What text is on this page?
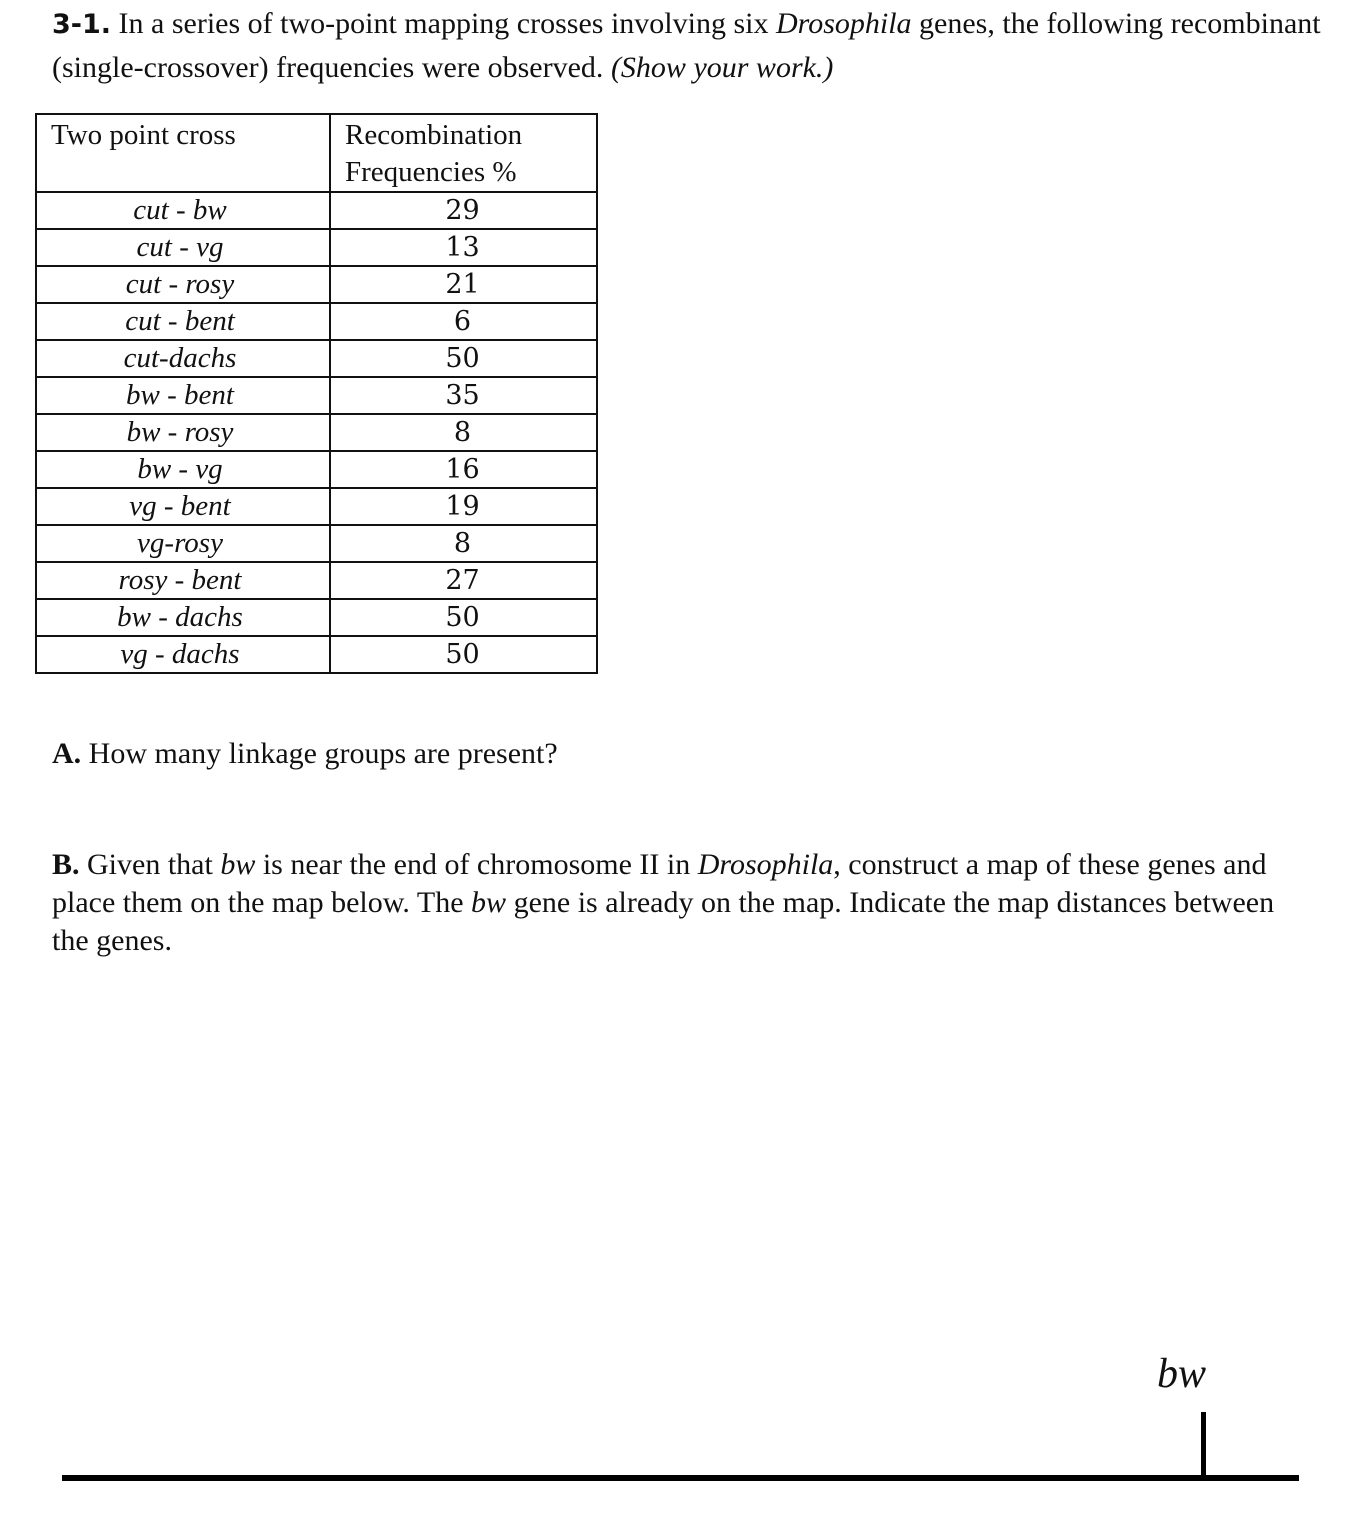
3-1. In a series of two-point mapping crosses involving six Drosophila genes, the following recombinant (single-crossover) frequencies were observed. (Show your work.)
Two point cross	Recombination
Frequencies %
cut - bw	29
cut - vg	13
cut - rosy	21
cut - bent	6
cut-dachs	50
bw - bent	35
bw - rosy	8
bw - vg	16
vg - bent	19
vg-rosy	8
rosy - bent	27
bw - dachs	50
vg - dachs	50
A. How many linkage groups are present?
B. Given that bw is near the end of chromosome II in Drosophila, construct a map of these genes and place them on the map below. The bw gene is already on the map. Indicate the map distances between the genes.
bw
